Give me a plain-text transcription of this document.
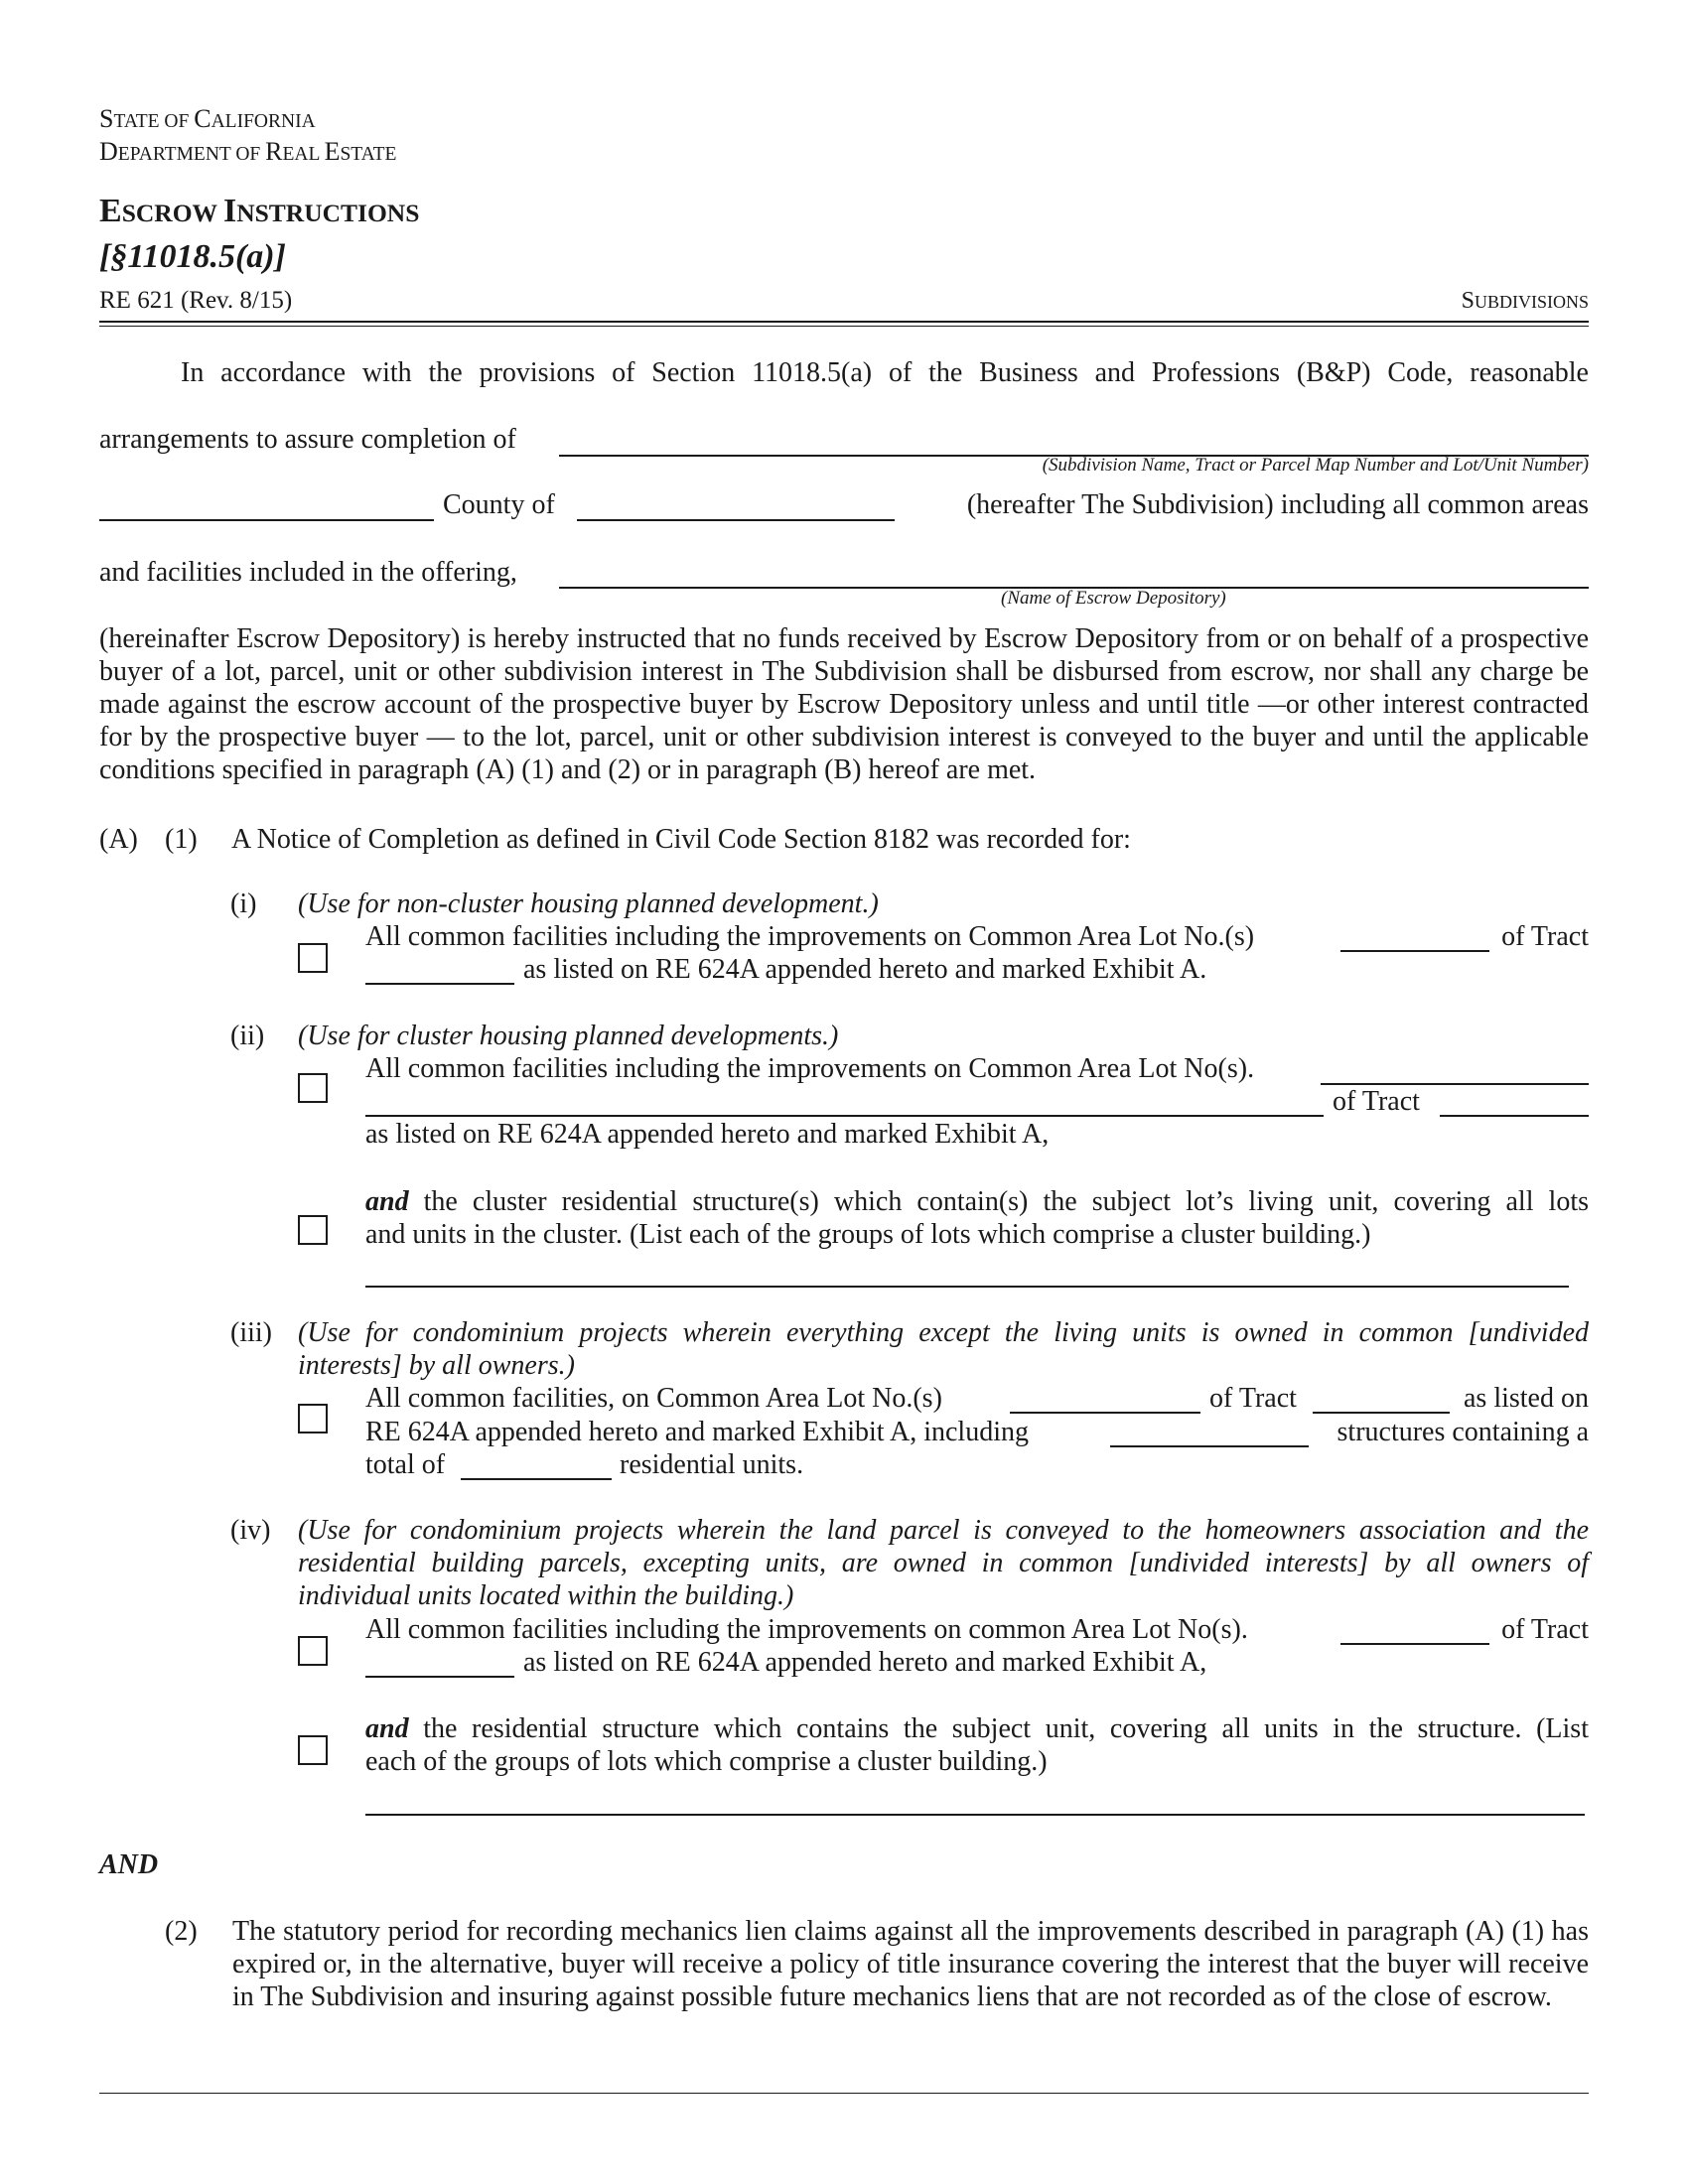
STATE OF CALIFORNIA
DEPARTMENT OF REAL ESTATE
ESCROW INSTRUCTIONS
[§11018.5(a)]
RE 621 (Rev. 8/15)	SUBDIVISIONS
In accordance with the provisions of Section 11018.5(a) of the Business and Professions (B&P) Code, reasonable
arrangements to assure completion of
(Subdivision Name, Tract or Parcel Map Number and Lot/Unit Number)
County of	(hereafter The Subdivision) including all common areas
and facilities included in the offering,
(Name of Escrow Depository)
(hereinafter Escrow Depository) is hereby instructed that no funds received by Escrow Depository from or on behalf of a prospective buyer of a lot, parcel, unit or other subdivision interest in The Subdivision shall be disbursed from escrow, nor shall any charge be made against the escrow account of the prospective buyer by Escrow Depository unless and until title —or other interest contracted for by the prospective buyer — to the lot, parcel, unit or other subdivision interest is conveyed to the buyer and until the applicable conditions specified in paragraph (A) (1) and (2) or in paragraph (B) hereof are met.
(A) (1) A Notice of Completion as defined in Civil Code Section 8182 was recorded for:
(i) (Use for non-cluster housing planned development.)
All common facilities including the improvements on Common Area Lot No.(s)	of Tract
as listed on RE 624A appended hereto and marked Exhibit A.
(ii) (Use for cluster housing planned developments.)
All common facilities including the improvements on Common Area Lot No(s).
of Tract
as listed on RE 624A appended hereto and marked Exhibit A,
and the cluster residential structure(s) which contain(s) the subject lot’s living unit, covering all lots
and units in the cluster. (List each of the groups of lots which comprise a cluster building.)
(iii) (Use for condominium projects wherein everything except the living units is owned in common [undivided
interests] by all owners.)
All common facilities, on Common Area Lot No.(s)	of Tract	as listed on
RE 624A appended hereto and marked Exhibit A, including	structures containing a
total of	residential units.
(iv) (Use for condominium projects wherein the land parcel is conveyed to the homeowners association and the
residential building parcels, excepting units, are owned in common [undivided interests] by all owners of
individual units located within the building.)
All common facilities including the improvements on common Area Lot No(s).	of Tract
as listed on RE 624A appended hereto and marked Exhibit A,
and the residential structure which contains the subject unit, covering all units in the structure. (List
each of the groups of lots which comprise a cluster building.)
AND
(2) The statutory period for recording mechanics lien claims against all the improvements described in paragraph (A) (1) has expired or, in the alternative, buyer will receive a policy of title insurance covering the interest that the buyer will receive in The Subdivision and insuring against possible future mechanics liens that are not recorded as of the close of escrow.
